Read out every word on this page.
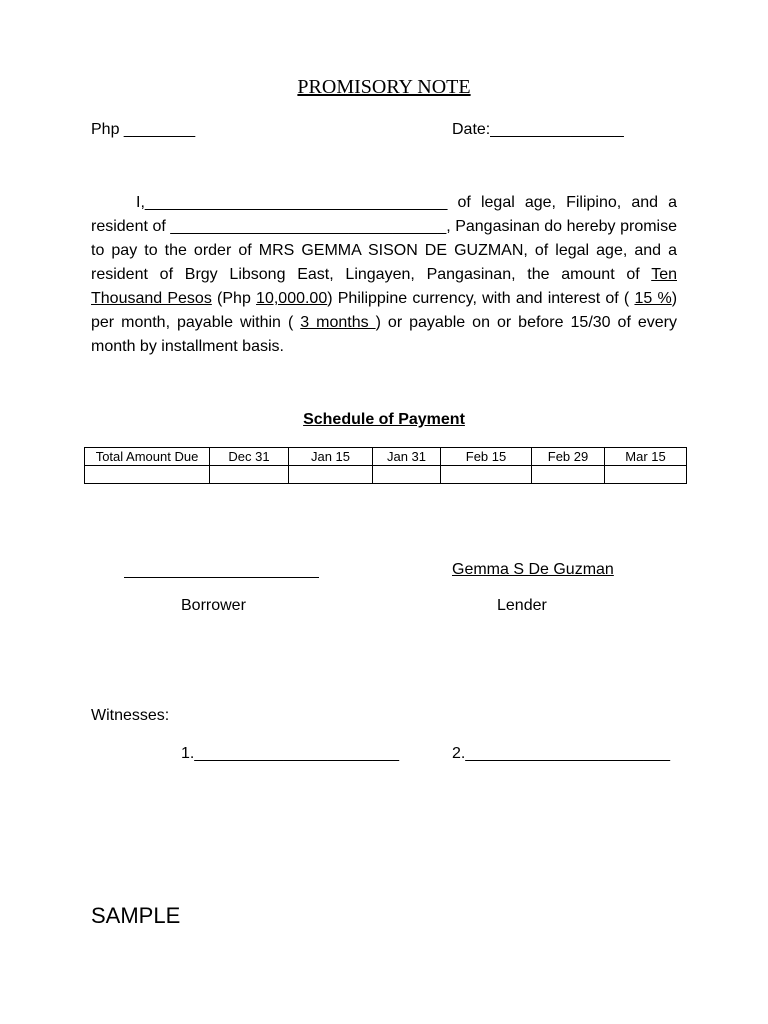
PROMISORY NOTE
Php ________	Date:_______________
I,__________________________________ of legal age, Filipino, and a resident of _______________________________, Pangasinan do hereby promise to pay to the order of MRS GEMMA SISON DE GUZMAN, of legal age, and a resident of Brgy Libsong East, Lingayen, Pangasinan, the amount of Ten Thousand Pesos (Php 10,000.00) Philippine currency, with and interest of ( 15 %) per month, payable within ( 3 months ) or payable on or before 15/30 of every month by installment basis.
Schedule of Payment
Total Amount Due	Dec 31	Jan 15	Jan 31	Feb 15	Feb 29	Mar 15

Borrower
Gemma S De Guzman
Lender
Witnesses:
1._______________________	2._______________________
SAMPLE
